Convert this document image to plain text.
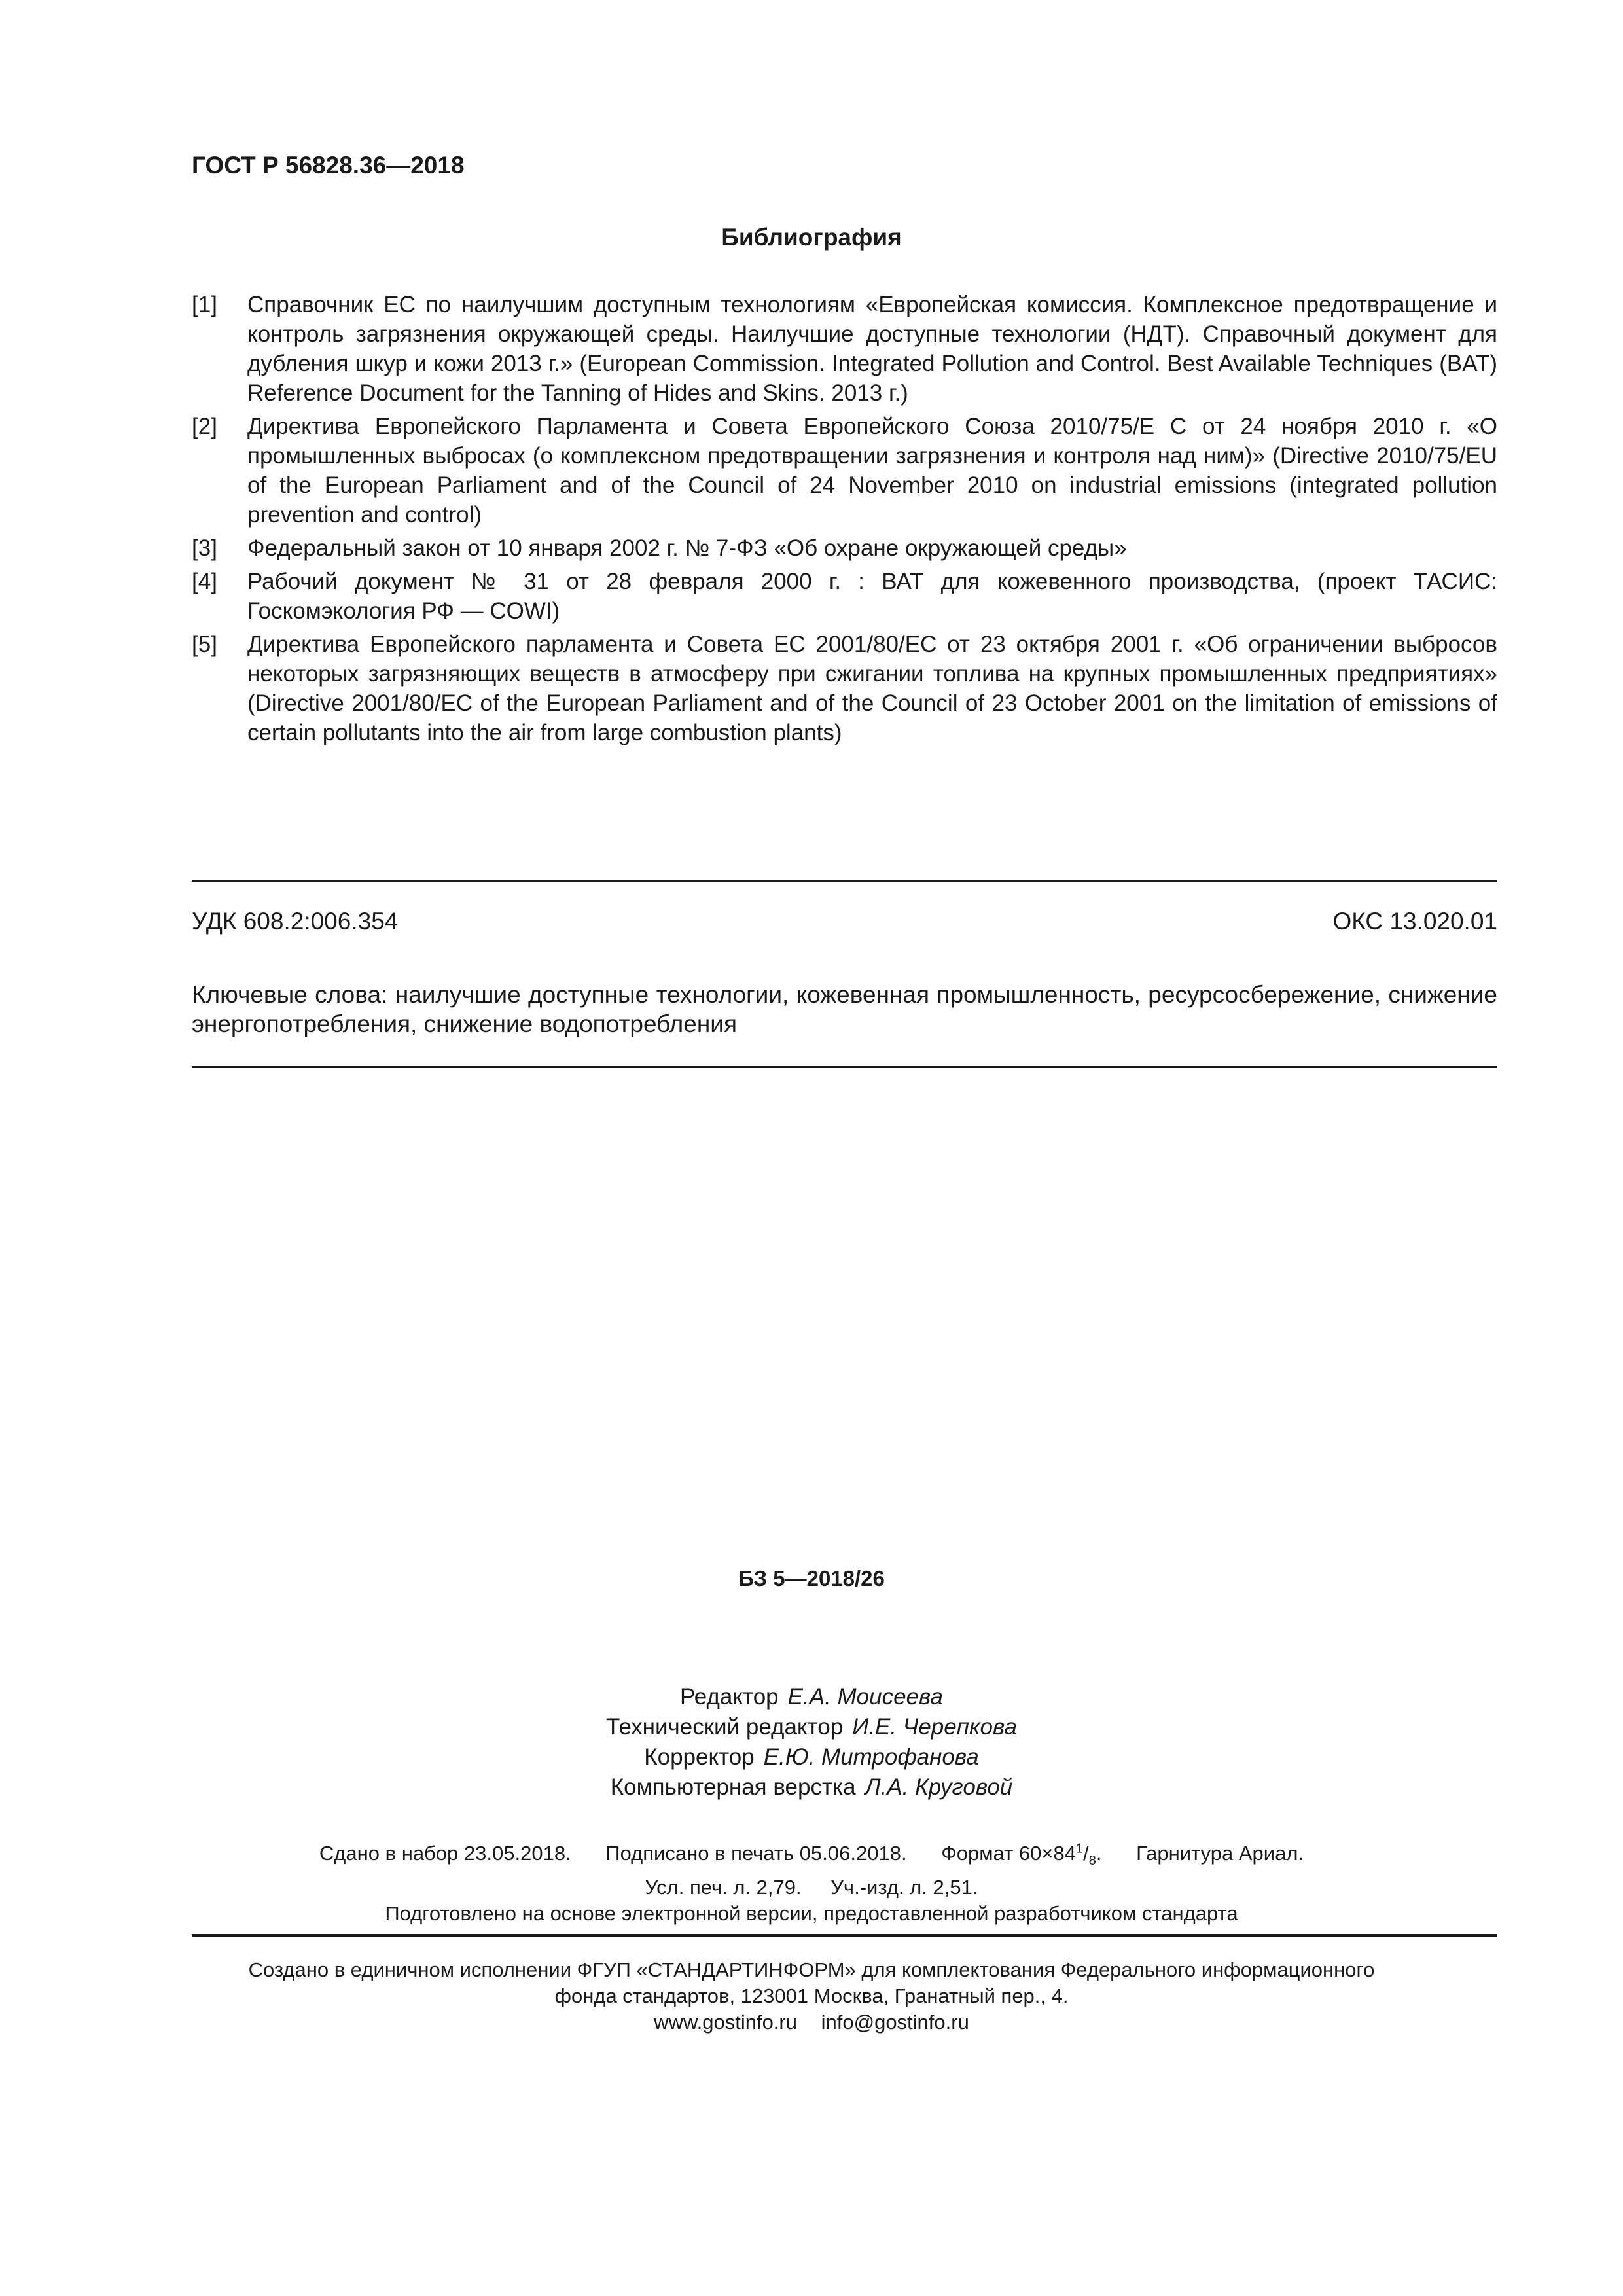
ГОСТ Р 56828.36—2018
Библиография
[1]	Справочник ЕС по наилучшим доступным технологиям «Европейская комиссия. Комплексное предотвращение и контроль загрязнения окружающей среды. Наилучшие доступные технологии (НДТ). Справочный документ для дубления шкур и кожи 2013 г.» (European Commission. Integrated Pollution and Control. Best Available Techniques (BAT) Reference Document for the Tanning of Hides and Skins. 2013 г.)
[2]	Директива Европейского Парламента и Совета Европейского Союза 2010/75/Е С от 24 ноября 2010 г. «О промышленных выбросах (о комплексном предотвращении загрязнения и контроля над ним)» (Directive 2010/75/EU of the European Parliament and of the Council of 24 November 2010 on industrial emissions (integrated pollution prevention and control)
[3]	Федеральный закон от 10 января 2002 г. № 7-ФЗ «Об охране окружающей среды»
[4]	Рабочий документ № 31 от 28 февраля 2000 г. : ВАТ для кожевенного производства, (проект ТАСИС: Госкомэкология РФ — COWI)
[5]	Директива Европейского парламента и Совета ЕС 2001/80/ЕС от 23 октября 2001 г. «Об ограничении выбросов некоторых загрязняющих веществ в атмосферу при сжигании топлива на крупных промышленных предприятиях» (Directive 2001/80/EC of the European Parliament and of the Council of 23 October 2001 on the limitation of emissions of certain pollutants into the air from large combustion plants)
УДК 608.2:006.354	ОКС 13.020.01
Ключевые слова: наилучшие доступные технологии, кожевенная промышленность, ресурсосбережение, снижение энергопотребления, снижение водопотребления
БЗ 5—2018/26
Редактор Е.А. Моисеева
Технический редактор И.Е. Черепкова
Корректор Е.Ю. Митрофанова
Компьютерная верстка Л.А. Круговой
Сдано в набор 23.05.2018. Подписано в печать 05.06.2018. Формат $60\times 84^1/_8$. Гарнитура Ариал.
Усл. печ. л. 2,79. Уч.-изд. л. 2,51.
Подготовлено на основе электронной версии, предоставленной разработчиком стандарта
Создано в единичном исполнении ФГУП «СТАНДАРТИНФОРМ» для комплектования Федерального информационного
фонда стандартов, 123001 Москва, Гранатный пер., 4.
www.gostinfo.ru info@gostinfo.ru
